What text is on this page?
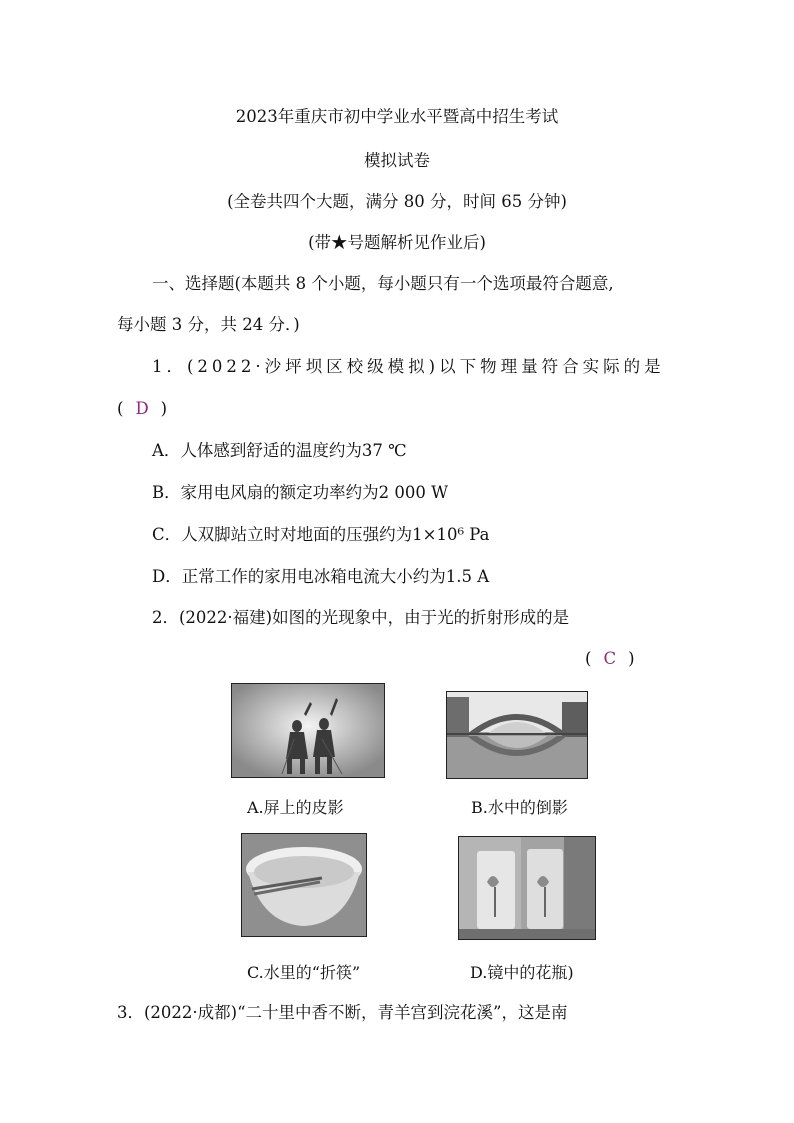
2023年重庆市初中学业水平暨高中招生考试
模拟试卷
(全卷共四个大题，满分 80 分，时间 65 分钟)
(带★号题解析见作业后)
一、选择题(本题共 8 个小题，每小题只有一个选项最符合题意,
每小题 3 分，共 24 分．)
1．(2022·沙坪坝区校级模拟)以下物理量符合实际的是
( D )
A．人体感到舒适的温度约为37 ℃
B．家用电风扇的额定功率约为2 000 W
C．人双脚站立时对地面的压强约为1×10⁶ Pa
D．正常工作的家用电冰箱电流大小约为1.5 A
2．(2022·福建)如图的光现象中，由于光的折射形成的是
( C )
A.屏上的皮影	B.水中的倒影
C.水里的“折筷”	D.镜中的花瓶)
3．(2022·成都)“二十里中香不断，青羊宫到浣花溪”，这是南
